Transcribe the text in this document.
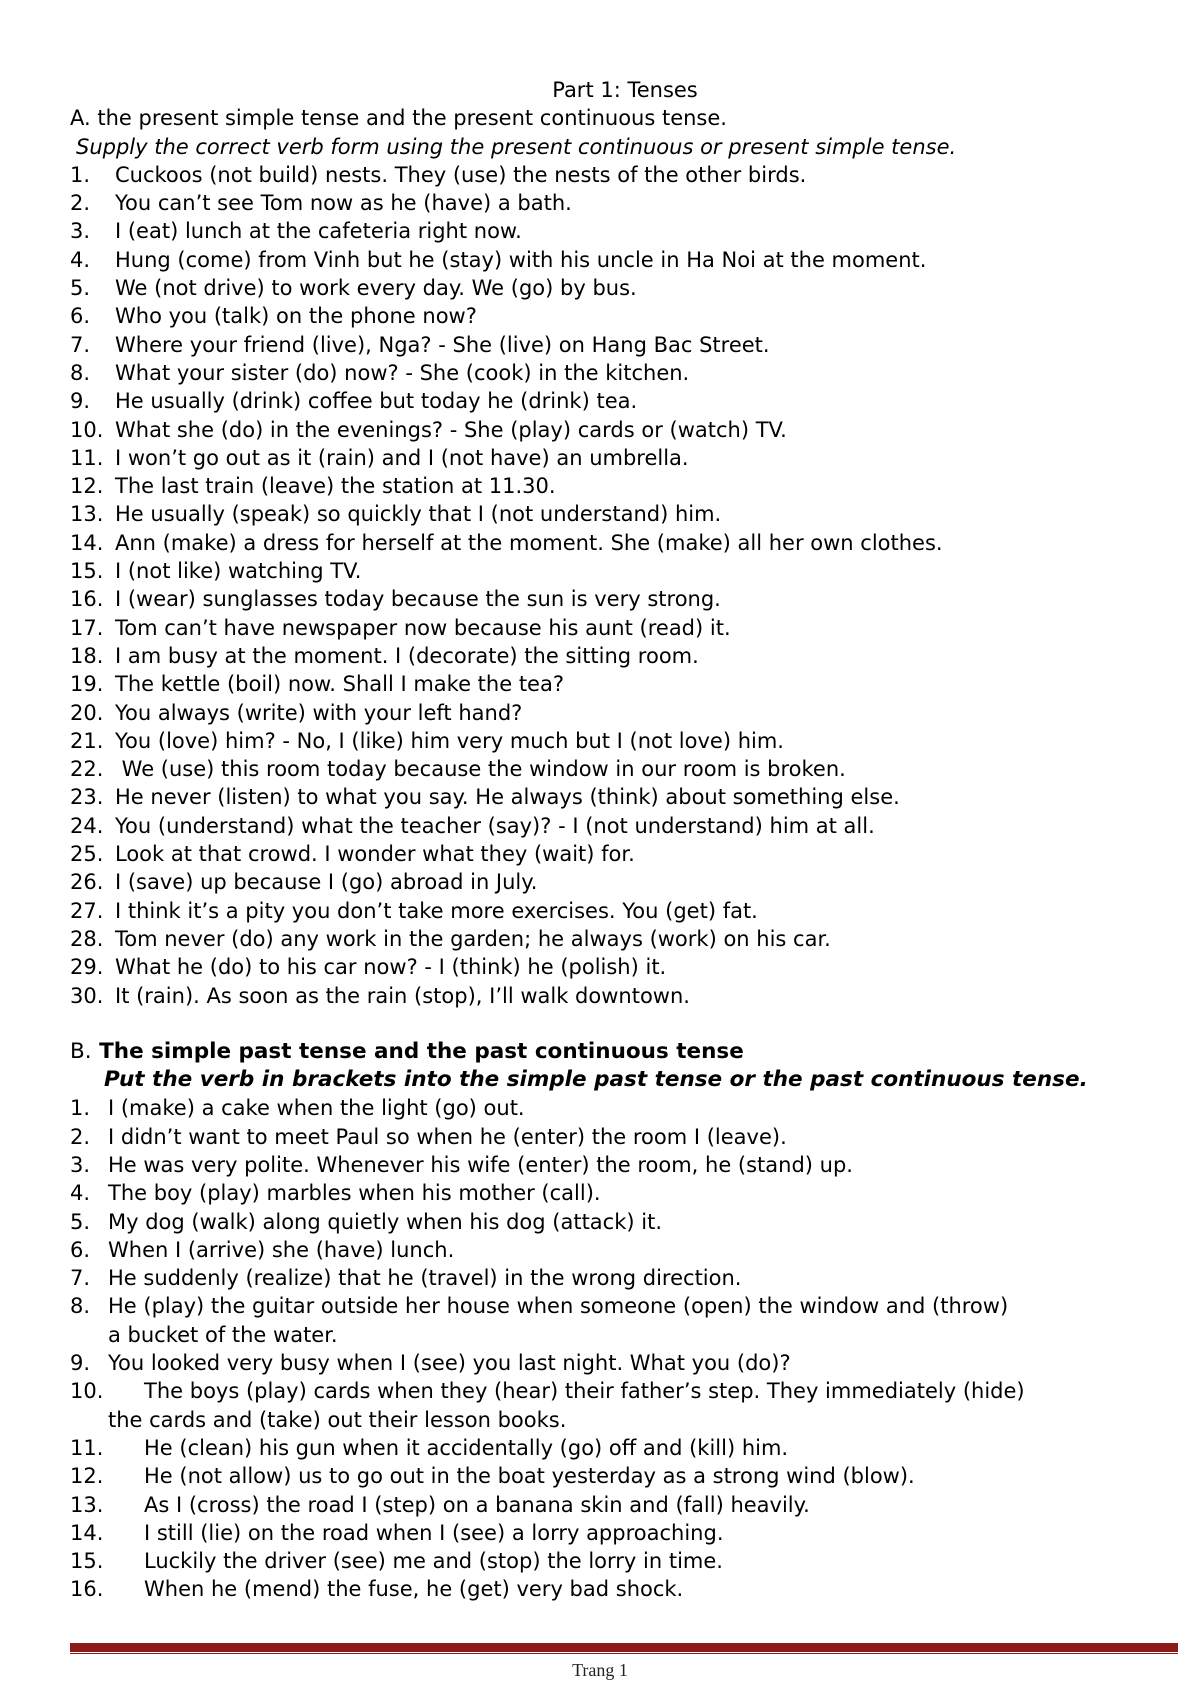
Part 1: Tenses
A. the present simple tense and the present continuous tense.
Supply the correct verb form using the present continuous or present simple tense.
1.	Cuckoos (not build) nests. They (use) the nests of the other birds.
2.	You can’t see Tom now as he (have) a bath.
3.	I (eat) lunch at the cafeteria right now.
4.	Hung (come) from Vinh but he (stay) with his uncle in Ha Noi at the moment.
5.	We (not drive) to work every day. We (go) by bus.
6.	Who you (talk) on the phone now?
7.	Where your friend (live), Nga? - She (live) on Hang Bac Street.
8.	What your sister (do) now? - She (cook) in the kitchen.
9.	He usually (drink) coffee but today he (drink) tea.
10. What she (do) in the evenings? - She (play) cards or (watch) TV.
11. I won’t go out as it (rain) and I (not have) an umbrella.
12. The last train (leave) the station at 11.30.
13. He usually (speak) so quickly that I (not understand) him.
14. Ann (make) a dress for herself at the moment. She (make) all her own clothes.
15. I (not like) watching TV.
16. I (wear) sunglasses today because the sun is very strong.
17. Tom can’t have newspaper now because his aunt (read) it.
18. I am busy at the moment. I (decorate) the sitting room.
19. The kettle (boil) now. Shall I make the tea?
20. You always (write) with your left hand?
21. You (love) him? - No, I (like) him very much but I (not love) him.
22. We (use) this room today because the window in our room is broken.
23. He never (listen) to what you say. He always (think) about something else.
24. You (understand) what the teacher (say)? - I (not understand) him at all.
25. Look at that crowd. I wonder what they (wait) for.
26. I (save) up because I (go) abroad in July.
27. I think it’s a pity you don’t take more exercises. You (get) fat.
28. Tom never (do) any work in the garden; he always (work) on his car.
29. What he (do) to his car now? - I (think) he (polish) it.
30. It (rain). As soon as the rain (stop), I’ll walk downtown.
B. The simple past tense and the past continuous tense
Put the verb in brackets into the simple past tense or the past continuous tense.
1. I (make) a cake when the light (go) out.
2. I didn’t want to meet Paul so when he (enter) the room I (leave).
3. He was very polite. Whenever his wife (enter) the room, he (stand) up.
4. The boy (play) marbles when his mother (call).
5. My dog (walk) along quietly when his dog (attack) it.
6. When I (arrive) she (have) lunch.
7. He suddenly (realize) that he (travel) in the wrong direction.
8. He (play) the guitar outside her house when someone (open) the window and (throw)
a bucket of the water.
9. You looked very busy when I (see) you last night. What you (do)?
10.	The boys (play) cards when they (hear) their father’s step. They immediately (hide)
the cards and (take) out their lesson books.
11.	He (clean) his gun when it accidentally (go) off and (kill) him.
12.	He (not allow) us to go out in the boat yesterday as a strong wind (blow).
13.	As I (cross) the road I (step) on a banana skin and (fall) heavily.
14.	I still (lie) on the road when I (see) a lorry approaching.
15.	Luckily the driver (see) me and (stop) the lorry in time.
16.	When he (mend) the fuse, he (get) very bad shock.
Trang 1
